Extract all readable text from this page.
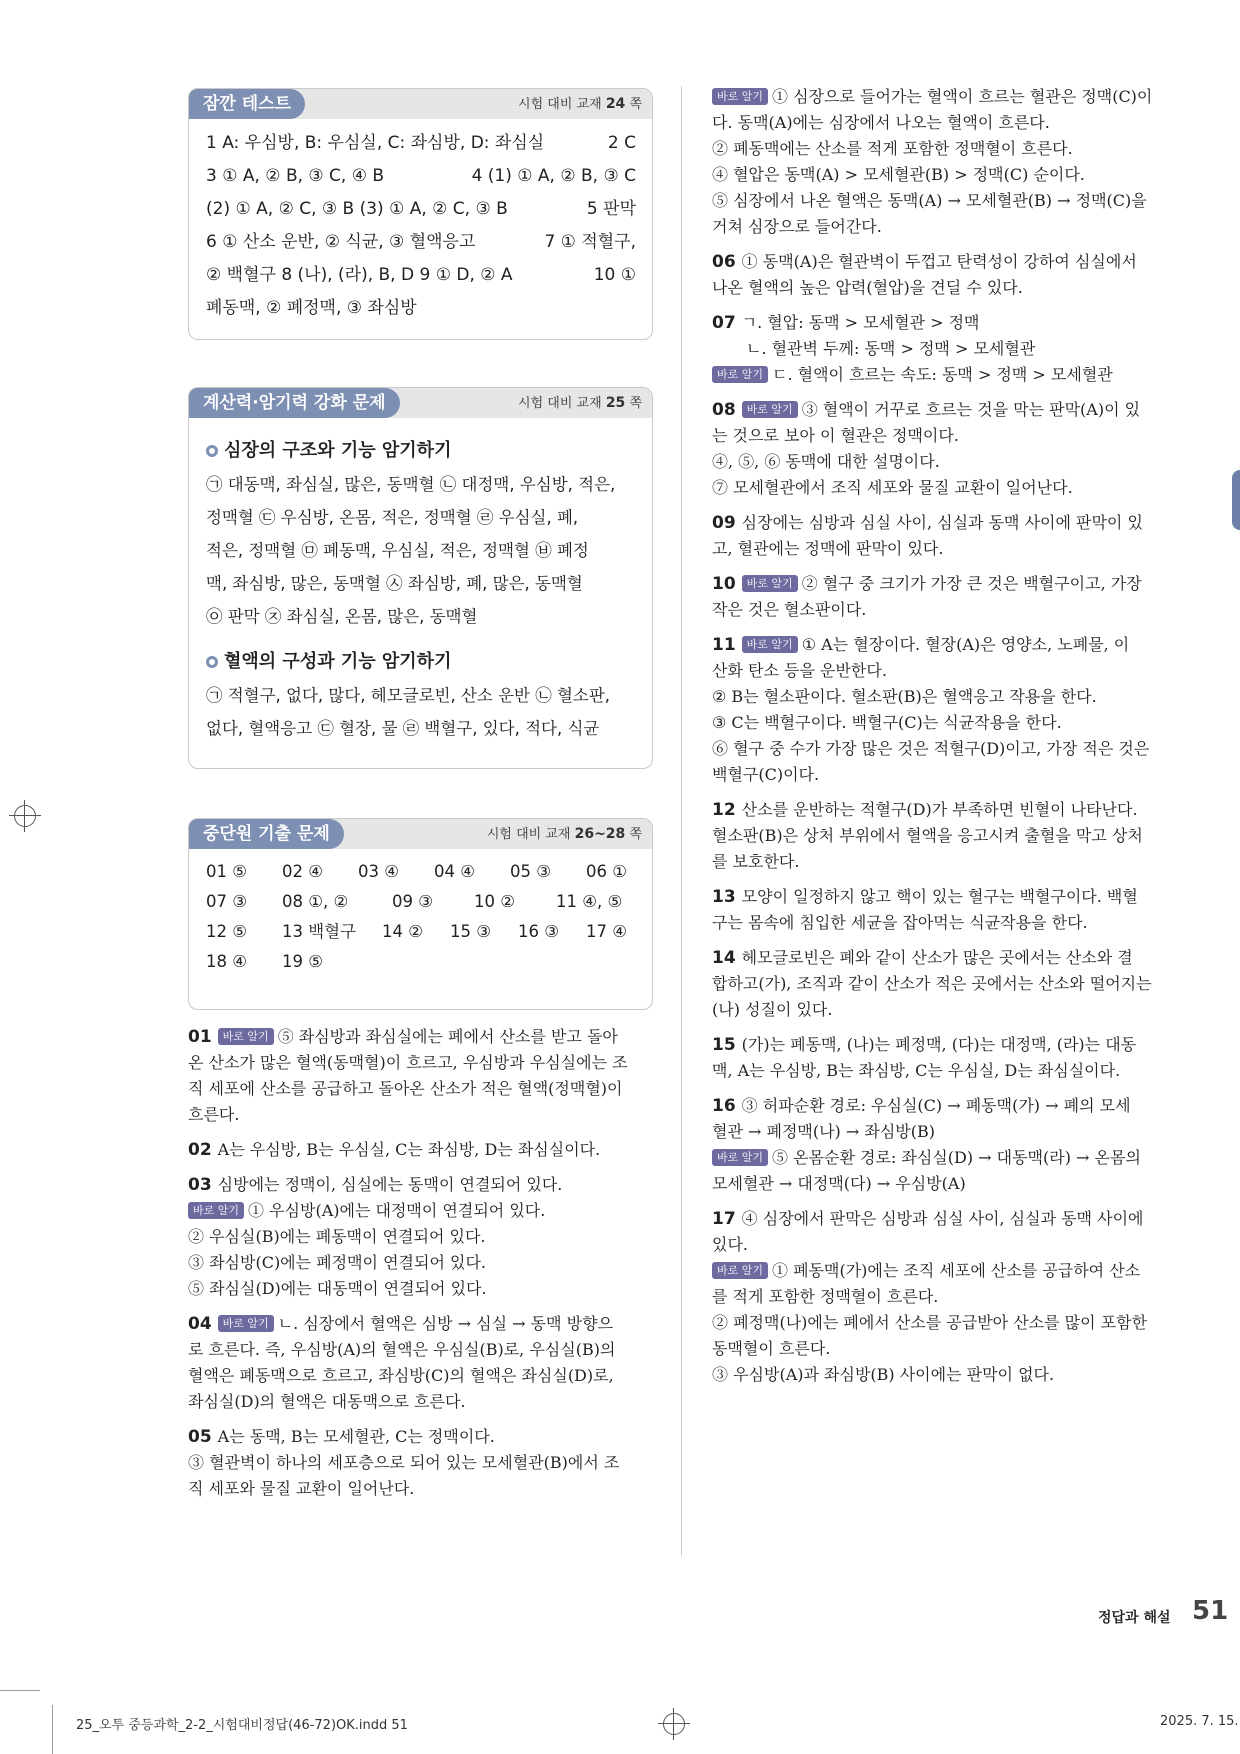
잠깐 테스트	시험 대비 교재 24 쪽
1 A: 우심방, B: 우심실, C: 좌심방, D: 좌심실	2 C
3 ① A, ② B, ③ C, ④ B	4 (1) ① A, ② B, ③ C
(2) ① A, ② C, ③ B (3) ① A, ② C, ③ B	5 판막
6 ① 산소 운반, ② 식균, ③ 혈액응고	7 ① 적혈구,
② 백혈구 8 (나), (라), B, D 9 ① D, ② A	10 ①
폐동맥, ② 폐정맥, ③ 좌심방
계산력·암기력 강화 문제	시험 대비 교재 25 쪽
심장의 구조와 기능 암기하기
㉠ 대동맥, 좌심실, 많은, 동맥혈 ㉡ 대정맥, 우심방, 적은,
정맥혈 ㉢ 우심방, 온몸, 적은, 정맥혈 ㉣ 우심실, 폐,
적은, 정맥혈 ㉤ 폐동맥, 우심실, 적은, 정맥혈 ㉥ 폐정
맥, 좌심방, 많은, 동맥혈 ㉦ 좌심방, 폐, 많은, 동맥혈
㉧ 판막 ㉨ 좌심실, 온몸, 많은, 동맥혈
혈액의 구성과 기능 암기하기
㉠ 적혈구, 없다, 많다, 헤모글로빈, 산소 운반 ㉡ 혈소판,
없다, 혈액응고 ㉢ 혈장, 물 ㉣ 백혈구, 있다, 적다, 식균
중단원 기출 문제	시험 대비 교재 26~28 쪽
01 ⑤ 02 ④ 03 ④ 04 ④ 05 ③ 06 ①
07 ③ 08 ①, ②	09 ③ 10 ② 11 ④, ⑤
12 ⑤ 13 백혈구 14 ② 15 ③ 16 ③ 17 ④
18 ④ 19 ⑤
01 바로 알기 ⑤ 좌심방과 좌심실에는 폐에서 산소를 받고 돌아
온 산소가 많은 혈액(동맥혈)이 흐르고, 우심방과 우심실에는 조
직 세포에 산소를 공급하고 돌아온 산소가 적은 혈액(정맥혈)이
흐른다.
02 A는 우심방, B는 우심실, C는 좌심방, D는 좌심실이다.
03 심방에는 정맥이, 심실에는 동맥이 연결되어 있다.
바로 알기 ① 우심방(A)에는 대정맥이 연결되어 있다.
② 우심실(B)에는 폐동맥이 연결되어 있다.
③ 좌심방(C)에는 폐정맥이 연결되어 있다.
⑤ 좌심실(D)에는 대동맥이 연결되어 있다.
04 바로 알기 ㄴ. 심장에서 혈액은 심방 → 심실 → 동맥 방향으
로 흐른다. 즉, 우심방(A)의 혈액은 우심실(B)로, 우심실(B)의
혈액은 폐동맥으로 흐르고, 좌심방(C)의 혈액은 좌심실(D)로,
좌심실(D)의 혈액은 대동맥으로 흐른다.
05 A는 동맥, B는 모세혈관, C는 정맥이다.
③ 혈관벽이 하나의 세포층으로 되어 있는 모세혈관(B)에서 조
직 세포와 물질 교환이 일어난다.
바로 알기 ① 심장으로 들어가는 혈액이 흐르는 혈관은 정맥(C)이
다. 동맥(A)에는 심장에서 나오는 혈액이 흐른다.
② 폐동맥에는 산소를 적게 포함한 정맥혈이 흐른다.
④ 혈압은 동맥(A) > 모세혈관(B) > 정맥(C) 순이다.
⑤ 심장에서 나온 혈액은 동맥(A) → 모세혈관(B) → 정맥(C)을
거쳐 심장으로 들어간다.
06 ① 동맥(A)은 혈관벽이 두껍고 탄력성이 강하여 심실에서
나온 혈액의 높은 압력(혈압)을 견딜 수 있다.
07 ㄱ. 혈압: 동맥 > 모세혈관 > 정맥
ㄴ. 혈관벽 두께: 동맥 > 정맥 > 모세혈관
바로 알기 ㄷ. 혈액이 흐르는 속도: 동맥 > 정맥 > 모세혈관
08 바로 알기 ③ 혈액이 거꾸로 흐르는 것을 막는 판막(A)이 있
는 것으로 보아 이 혈관은 정맥이다.
④, ⑤, ⑥ 동맥에 대한 설명이다.
⑦ 모세혈관에서 조직 세포와 물질 교환이 일어난다.
09 심장에는 심방과 심실 사이, 심실과 동맥 사이에 판막이 있
고, 혈관에는 정맥에 판막이 있다.
10 바로 알기 ② 혈구 중 크기가 가장 큰 것은 백혈구이고, 가장
작은 것은 혈소판이다.
11 바로 알기 ① A는 혈장이다. 혈장(A)은 영양소, 노폐물, 이
산화 탄소 등을 운반한다.
② B는 혈소판이다. 혈소판(B)은 혈액응고 작용을 한다.
③ C는 백혈구이다. 백혈구(C)는 식균작용을 한다.
⑥ 혈구 중 수가 가장 많은 것은 적혈구(D)이고, 가장 적은 것은
백혈구(C)이다.
12 산소를 운반하는 적혈구(D)가 부족하면 빈혈이 나타난다.
혈소판(B)은 상처 부위에서 혈액을 응고시켜 출혈을 막고 상처
를 보호한다.
13 모양이 일정하지 않고 핵이 있는 혈구는 백혈구이다. 백혈
구는 몸속에 침입한 세균을 잡아먹는 식균작용을 한다.
14 헤모글로빈은 폐와 같이 산소가 많은 곳에서는 산소와 결
합하고(가), 조직과 같이 산소가 적은 곳에서는 산소와 떨어지는
(나) 성질이 있다.
15 (가)는 폐동맥, (나)는 폐정맥, (다)는 대정맥, (라)는 대동
맥, A는 우심방, B는 좌심방, C는 우심실, D는 좌심실이다.
16 ③ 허파순환 경로: 우심실(C) → 폐동맥(가) → 폐의 모세
혈관 → 폐정맥(나) → 좌심방(B)
바로 알기 ⑤ 온몸순환 경로: 좌심실(D) → 대동맥(라) → 온몸의
모세혈관 → 대정맥(다) → 우심방(A)
17 ④ 심장에서 판막은 심방과 심실 사이, 심실과 동맥 사이에
있다.
바로 알기 ① 폐동맥(가)에는 조직 세포에 산소를 공급하여 산소
를 적게 포함한 정맥혈이 흐른다.
② 폐정맥(나)에는 폐에서 산소를 공급받아 산소를 많이 포함한
동맥혈이 흐른다.
③ 우심방(A)과 좌심방(B) 사이에는 판막이 없다.
정답과 해설 51
25_오투 중등과학_2-2_시험대비정답(46-72)OK.indd 51	2025. 7. 15.
